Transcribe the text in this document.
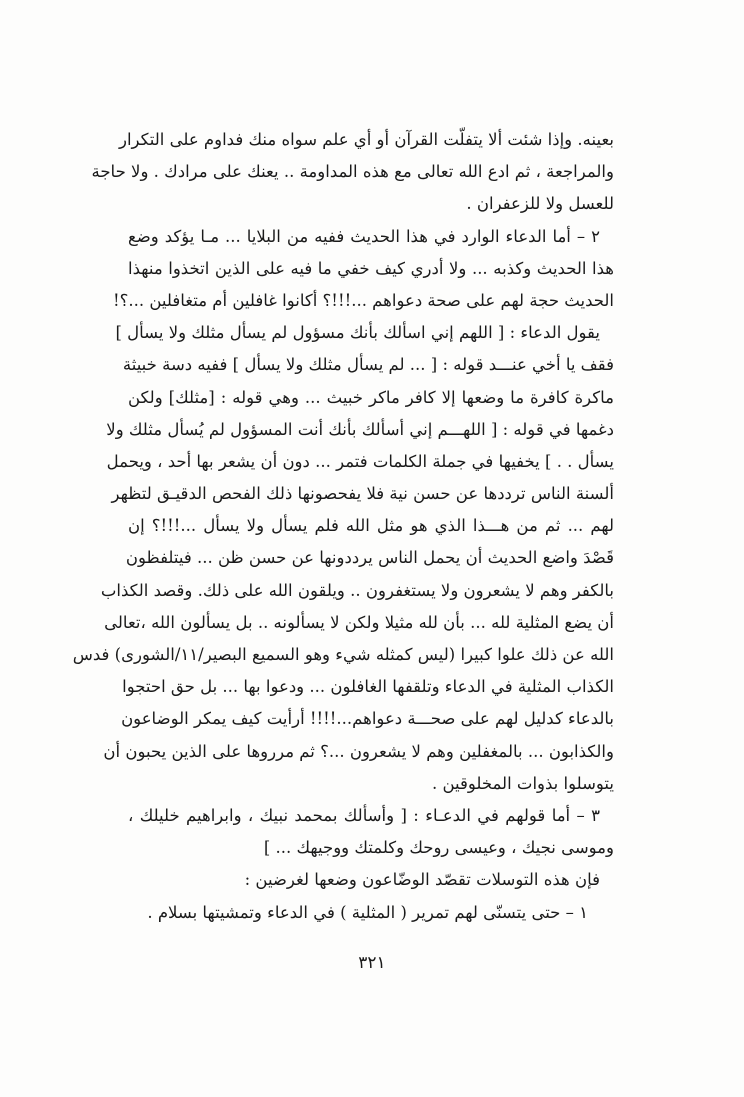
بعينه. وإذا شئت ألا يتفلّت القرآن أو أي علم سواه منك فداوم على التكرار
والمراجعة ، ثم ادع الله تعالى مع هذه المداومة .. يعنك على مرادك . ولا حاجة
للعسل ولا للزعفران .
٢ – أما الدعاء الوارد في هذا الحديث ففيه من البلايا ... مـا يؤكد وضع
هذا الحديث وكذبه ... ولا أدري كيف خفي ما فيه على الذين اتخذوا منهذا
الحديث حجة لهم على صحة دعواهم ...!!!؟ أكانوا غافلين أم متغافلين ...؟!
يقول الدعاء : [ اللهم إني اسألك بأنك مسؤول لم يسأل مثلك ولا يسأل ]
فقف يا أخي عنـــد قوله : [ ... لم يسأل مثلك ولا يسأل ] ففيه دسة خبيثة
ماكرة كافرة ما وضعها إلا كافر ماكر خبيث ... وهي قوله : [مثلك] ولكن
دغمها في قوله : [ اللهـــم إني أسألك بأنك أنت المسؤول لم يُسأل مثلك ولا
يسأل . . ] يخفيها في جملة الكلمات فتمر ... دون أن يشعر بها أحد ، ويحمل
ألسنة الناس ترددها عن حسن نية فلا يفحصونها ذلك الفحص الدقيـق لتظهر
لهم ... ثم من هـــذا الذي هو مثل الله فلم يسأل ولا يسأل ...!!!؟ إن
قَصْدَ واضع الحديث أن يحمل الناس يرددونها عن حسن ظن ... فيتلفظون
بالكفر وهم لا يشعرون ولا يستغفرون .. ويلقون الله على ذلك. وقصد الكذاب
أن يضع المثلية لله ... بأن لله مثيلا ولكن لا يسألونه .. بل يسألون الله ،تعالى
الله عن ذلك علوا كبيرا (ليس كمثله شيء وهو السميع البصير/١١/الشورى) فدس
الكذاب المثلية في الدعاء وتلقفها الغافلون ... ودعوا بها ... بل حق احتجوا
بالدعاء كدليل لهم على صحـــة دعواهم...!!!! أرأيت كيف يمكر الوضاعون
والكذابون ... بالمغفلين وهم لا يشعرون ...؟ ثم مرروها على الذين يحبون أن
يتوسلوا بذوات المخلوقين .
٣ – أما قولهم في الدعـاء : [ وأسألك بمحمد نبيك ، وابراهيم خليلك ،
وموسى نجيك ، وعيسى روحك وكلمتك ووجيهك ... ]
فإن هذه التوسلات تقصّد الوضّاعون وضعها لغرضين :
١ – حتى يتسنّى لهم تمرير ( المثلية ) في الدعاء وتمشيتها بسلام .
٣٢١
